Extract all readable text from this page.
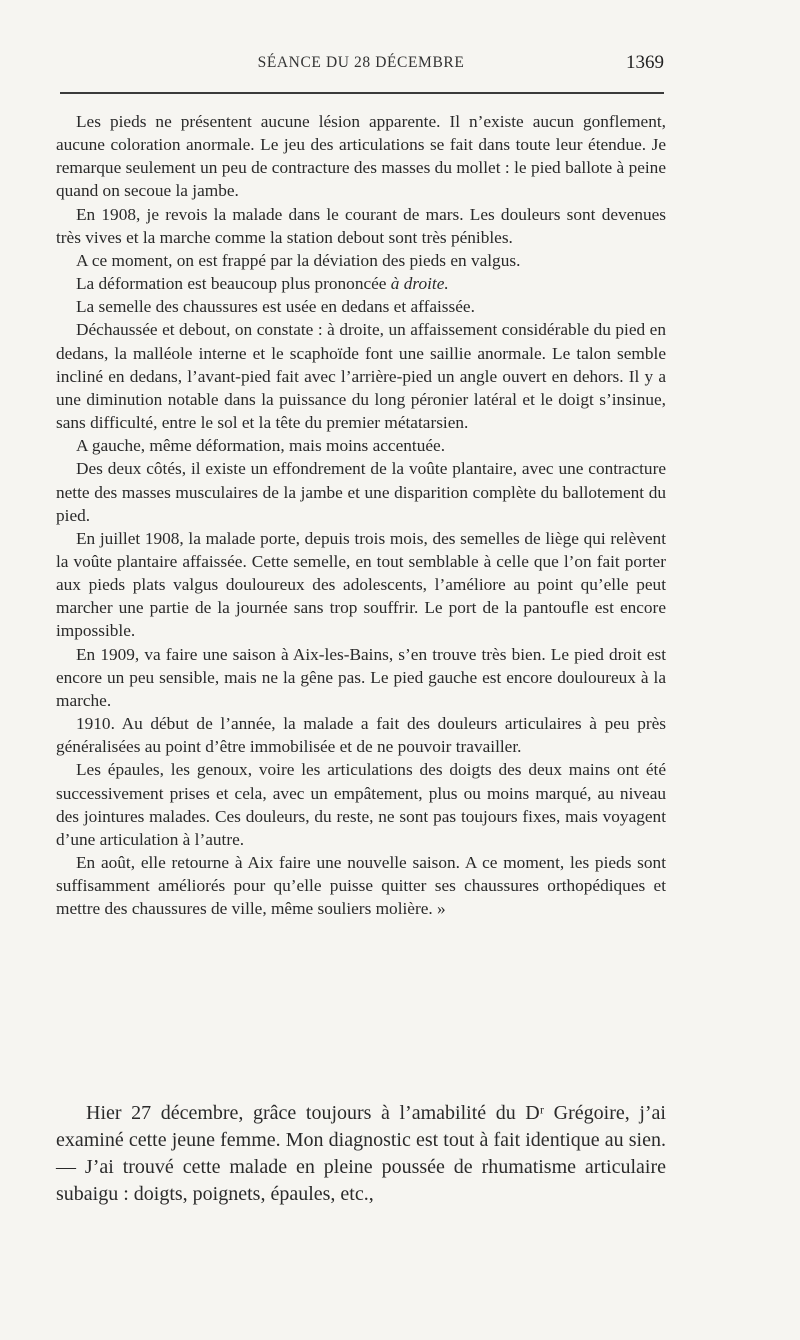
SÉANCE DU 28 DÉCEMBRE	1369

Les pieds ne présentent aucune lésion apparente. Il n’existe aucun gonflement, aucune coloration anormale. Le jeu des articulations se fait dans toute leur étendue. Je remarque seulement un peu de contracture des masses du mollet : le pied ballote à peine quand on secoue la jambe.

En 1908, je revois la malade dans le courant de mars. Les douleurs sont devenues très vives et la marche comme la station debout sont très pénibles.

A ce moment, on est frappé par la déviation des pieds en valgus.

La déformation est beaucoup plus prononcée à droite.

La semelle des chaussures est usée en dedans et affaissée.

Déchaussée et debout, on constate : à droite, un affaissement considérable du pied en dedans, la malléole interne et le scaphoïde font une saillie anormale. Le talon semble incliné en dedans, l’avant-pied fait avec l’arrière-pied un angle ouvert en dehors. Il y a une diminution notable dans la puissance du long péronier latéral et le doigt s’insinue, sans difficulté, entre le sol et la tête du premier métatarsien.

A gauche, même déformation, mais moins accentuée.

Des deux côtés, il existe un effondrement de la voûte plantaire, avec une contracture nette des masses musculaires de la jambe et une disparition complète du ballotement du pied.

En juillet 1908, la malade porte, depuis trois mois, des semelles de liège qui relèvent la voûte plantaire affaissée. Cette semelle, en tout semblable à celle que l’on fait porter aux pieds plats valgus douloureux des adolescents, l’améliore au point qu’elle peut marcher une partie de la journée sans trop souffrir. Le port de la pantoufle est encore impossible.

En 1909, va faire une saison à Aix-les-Bains, s’en trouve très bien. Le pied droit est encore un peu sensible, mais ne la gêne pas. Le pied gauche est encore douloureux à la marche.

1910. Au début de l’année, la malade a fait des douleurs articulaires à peu près généralisées au point d’être immobilisée et de ne pouvoir travailler.

Les épaules, les genoux, voire les articulations des doigts des deux mains ont été successivement prises et cela, avec un empâtement, plus ou moins marqué, au niveau des jointures malades. Ces douleurs, du reste, ne sont pas toujours fixes, mais voyagent d’une articulation à l’autre.

En août, elle retourne à Aix faire une nouvelle saison. A ce moment, les pieds sont suffisamment améliorés pour qu’elle puisse quitter ses chaussures orthopédiques et mettre des chaussures de ville, même souliers molière. »

Hier 27 décembre, grâce toujours à l’amabilité du Dʳ Grégoire, j’ai examiné cette jeune femme. Mon diagnostic est tout à fait identique au sien. — J’ai trouvé cette malade en pleine poussée de rhumatisme articulaire subaigu : doigts, poignets, épaules, etc.,
